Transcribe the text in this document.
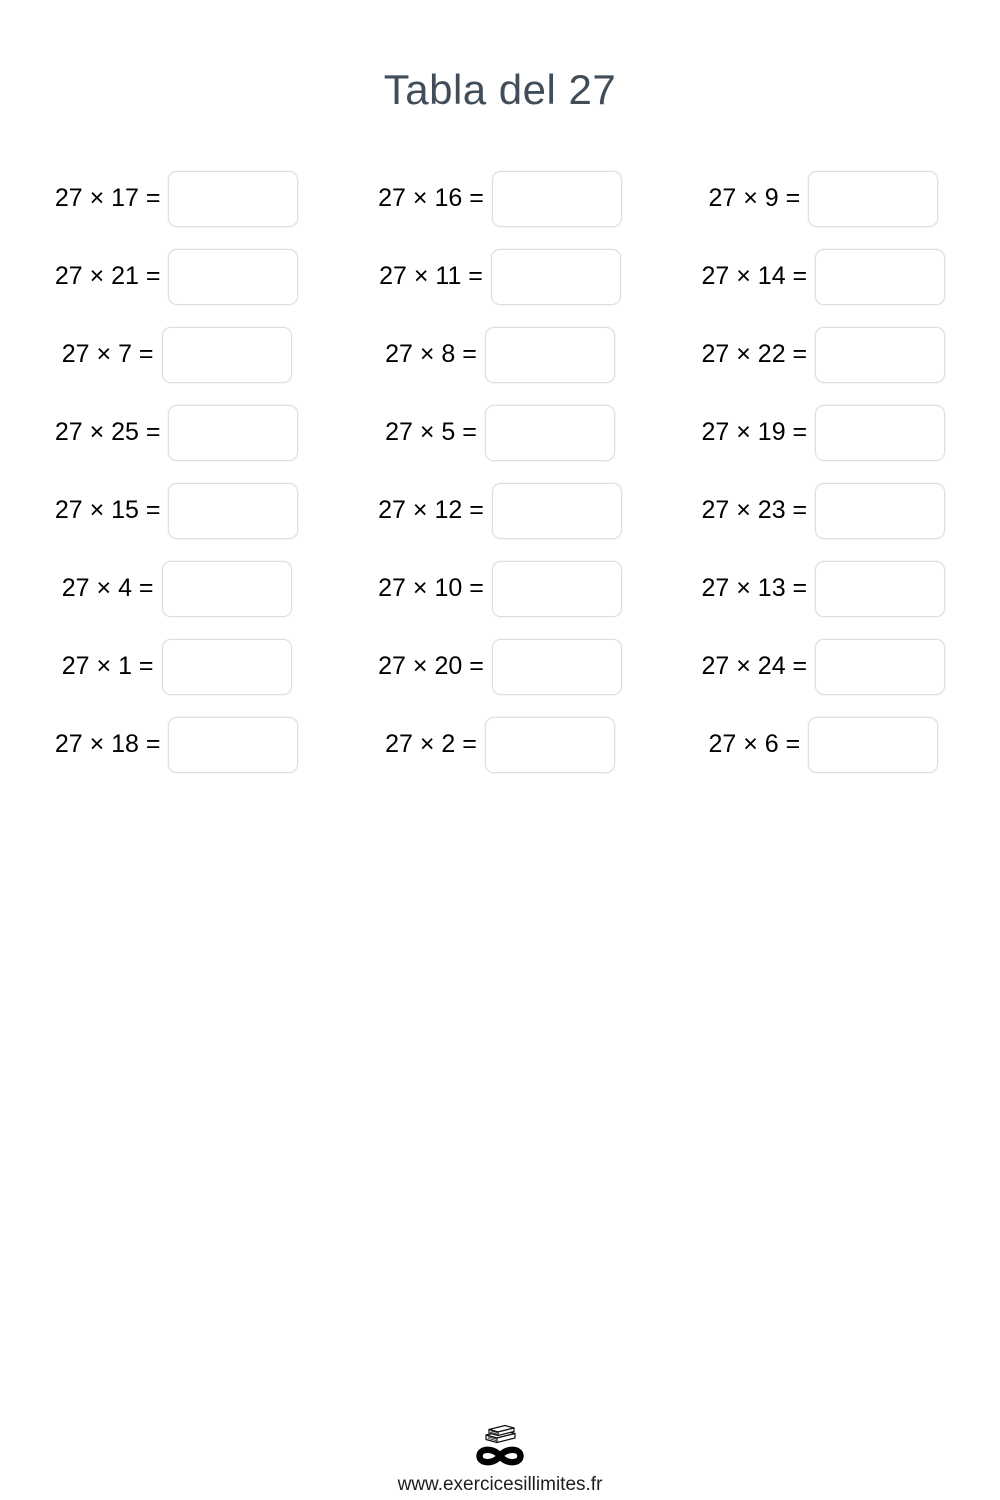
Tabla del 27
27 × 17 =	27 × 16 =	27 × 9 =
27 × 21 =	27 × 11 =	27 × 14 =
27 × 7 =	27 × 8 =	27 × 22 =
27 × 25 =	27 × 5 =	27 × 19 =
27 × 15 =	27 × 12 =	27 × 23 =
27 × 4 =	27 × 10 =	27 × 13 =
27 × 1 =	27 × 20 =	27 × 24 =
27 × 18 =	27 × 2 =	27 × 6 =
www.exercicesillimites.fr
